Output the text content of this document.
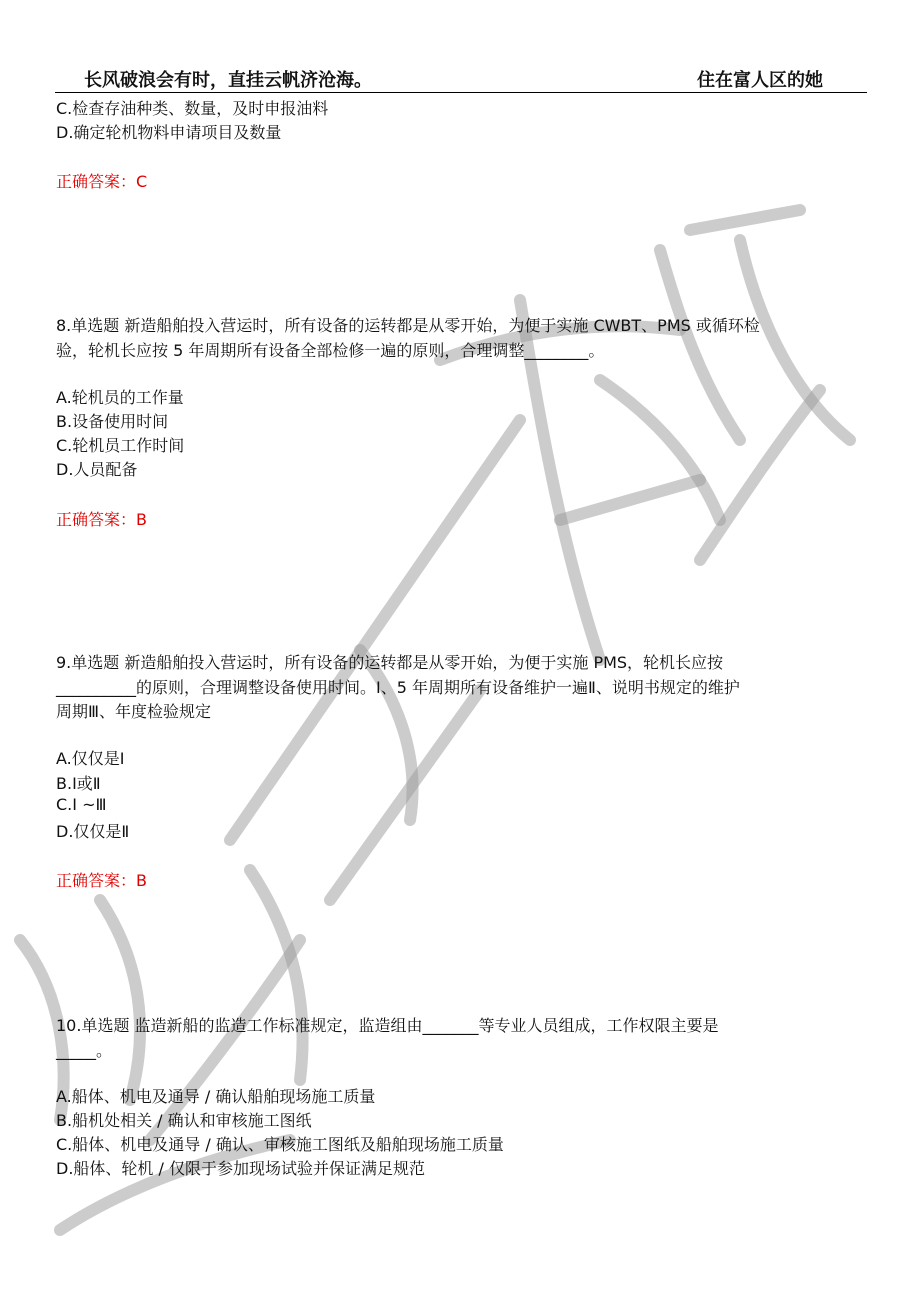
长风破浪会有时，直挂云帆济沧海。	住在富人区的她
C.检查存油种类、数量，及时申报油料
D.确定轮机物料申请项目及数量
正确答案：C
8.单选题 新造船舶投入营运时，所有设备的运转都是从零开始，为便于实施 CWBT、PMS 或循环检
验，轮机长应按 5 年周期所有设备全部检修一遍的原则，合理调整________。
A.轮机员的工作量
B.设备使用时间
C.轮机员工作时间
D.人员配备
正确答案：B
9.单选题 新造船舶投入营运时，所有设备的运转都是从零开始，为便于实施 PMS，轮机长应按
__________的原则，合理调整设备使用时间。Ⅰ、5 年周期所有设备维护一遍Ⅱ、说明书规定的维护
周期Ⅲ、年度检验规定
A.仅仅是Ⅰ
B.Ⅰ或Ⅱ
C.Ⅰ ~Ⅲ
D.仅仅是Ⅱ
正确答案：B
10.单选题 监造新船的监造工作标准规定，监造组由_______等专业人员组成，工作权限主要是
_____。
A.船体、机电及通导 / 确认船舶现场施工质量
B.船机处相关 / 确认和审核施工图纸
C.船体、机电及通导 / 确认、审核施工图纸及船舶现场施工质量
D.船体、轮机 / 仅限于参加现场试验并保证满足规范
